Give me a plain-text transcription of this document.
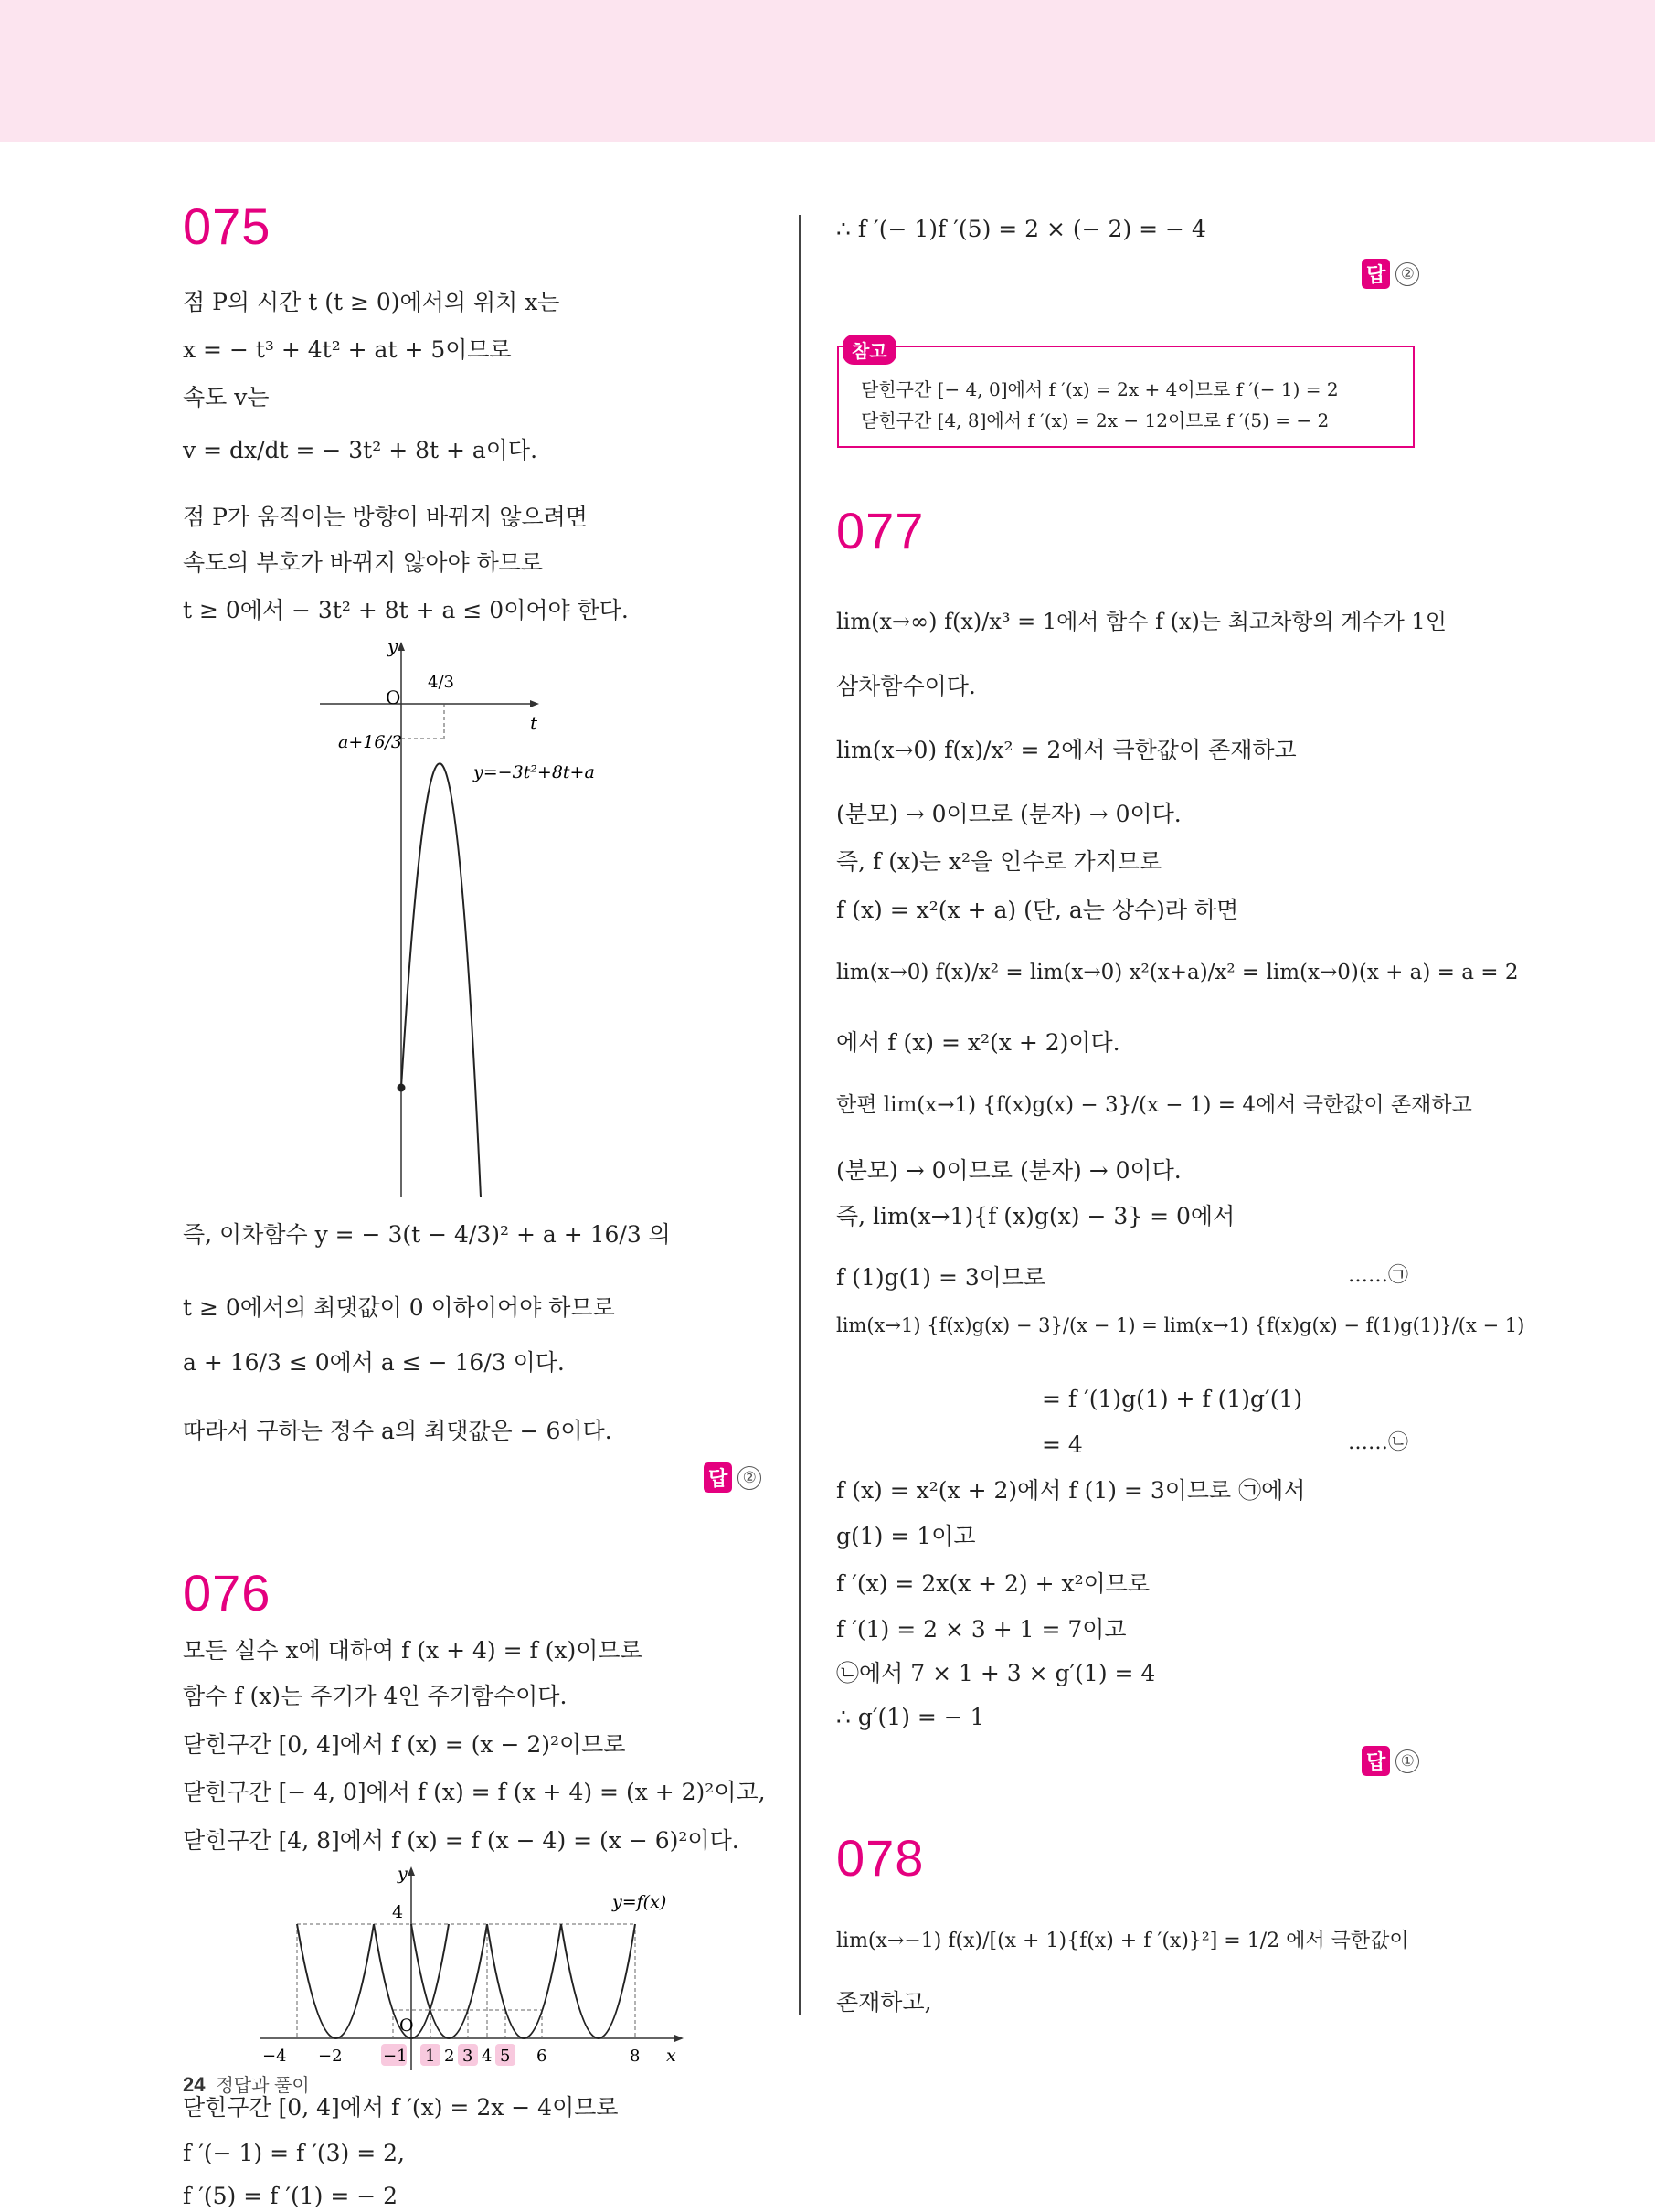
075
점 P의 시간 t (t ≥ 0)에서의 위치 x는
x = − t³ + 4t² + at + 5이므로
속도 v는
v = dx/dt = − 3t² + 8t + a이다.
점 P가 움직이는 방향이 바뀌지 않으려면
속도의 부호가 바뀌지 않아야 하므로
t ≥ 0에서 − 3t² + 8t + a ≤ 0이어야 한다.
y
t
O
4/3
a+16/3
y=−3t²+8t+a
즉, 이차함수 y = − 3(t − 4/3)² + a + 16/3 의
t ≥ 0에서의 최댓값이 0 이하이어야 하므로
a + 16/3 ≤ 0에서 a ≤ − 16/3 이다.
따라서 구하는 정수 a의 최댓값은 − 6이다.
답 ②
076
모든 실수 x에 대하여 f (x + 4) = f (x)이므로
함수 f (x)는 주기가 4인 주기함수이다.
닫힌구간 [0, 4]에서 f (x) = (x − 2)²이므로
닫힌구간 [− 4, 0]에서 f (x) = f (x + 4) = (x + 2)²이고,
닫힌구간 [4, 8]에서 f (x) = f (x − 4) = (x − 6)²이다.
y
O
4	y=f(x)
−4 −2 −1 1 2 3 4 5 6	8 x
닫힌구간 [0, 4]에서 f ′(x) = 2x − 4이므로
f ′(− 1) = f ′(3) = 2,
f ′(5) = f ′(1) = − 2
∴ f ′(− 1)f ′(5) = 2 × (− 2) = − 4
답 ②
077
lim(x→∞) f(x)/x³ = 1에서 함수 f (x)는 최고차항의 계수가 1인
삼차함수이다.
lim(x→0) f(x)/x² = 2에서 극한값이 존재하고
(분모) → 0이므로 (분자) → 0이다.
즉, f (x)는 x²을 인수로 가지므로
f (x) = x²(x + a) (단, a는 상수)라 하면
lim(x→0) f(x)/x² = lim(x→0) x²(x+a)/x² = lim(x→0)(x + a) = a = 2
에서 f (x) = x²(x + 2)이다.
한편 lim(x→1) {f(x)g(x) − 3}/(x − 1) = 4에서 극한값이 존재하고
(분모) → 0이므로 (분자) → 0이다.
즉, lim(x→1){f (x)g(x) − 3} = 0에서
f (1)g(1) = 3이므로	……㉠
lim(x→1) {f(x)g(x) − 3}/(x − 1) = lim(x→1) {f(x)g(x) − f(1)g(1)}/(x − 1)
= f ′(1)g(1) + f (1)g′(1)
= 4	……㉡
f (x) = x²(x + 2)에서 f (1) = 3이므로 ㉠에서
g(1) = 1이고
f ′(x) = 2x(x + 2) + x²이므로
f ′(1) = 2 × 3 + 1 = 7이고
㉡에서 7 × 1 + 3 × g′(1) = 4
∴ g′(1) = − 1
답 ①
078
lim(x→−1) f(x)/[(x + 1){f(x) + f ′(x)}²] = 1/2 에서 극한값이
존재하고,
참고
닫힌구간 [− 4, 0]에서 f ′(x) = 2x + 4이므로 f ′(− 1) = 2
닫힌구간 [4, 8]에서 f ′(x) = 2x − 12이므로 f ′(5) = − 2
24 정답과 풀이
